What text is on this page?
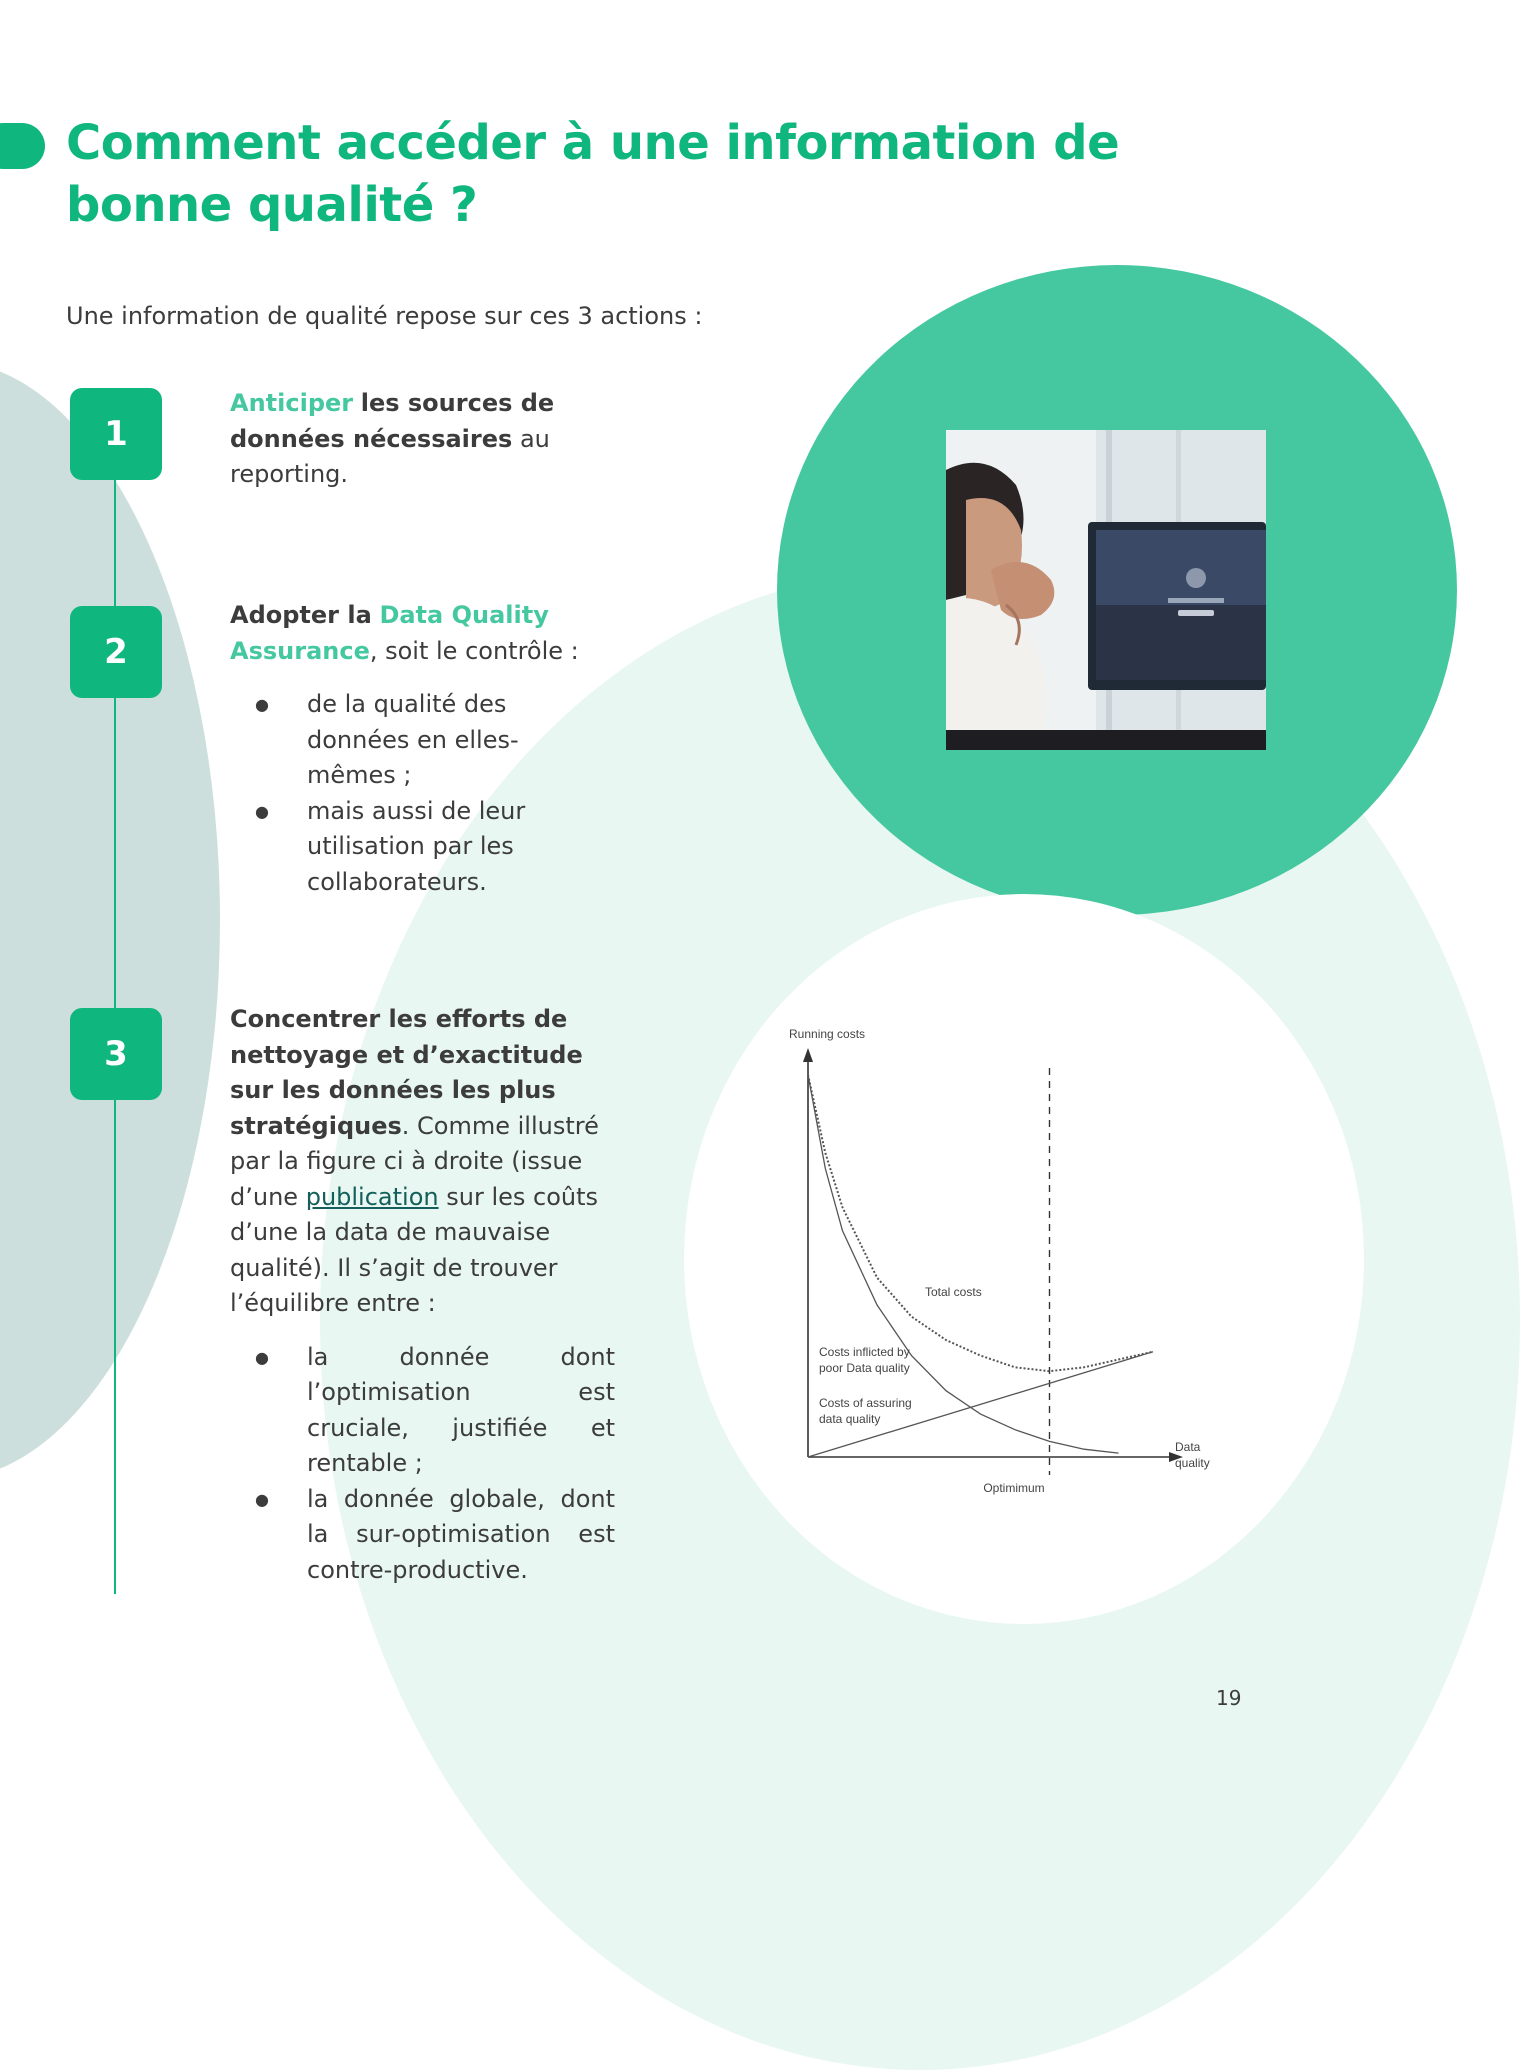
Comment accéder à une information de bonne qualité ?
Une information de qualité repose sur ces 3 actions :
1
2
3
Anticiper les sources de données nécessaires au reporting.
Adopter la Data Quality Assurance, soit le contrôle :
● de la qualité des données en elles-mêmes ;
● mais aussi de leur utilisation par les collaborateurs.
Concentrer les efforts de nettoyage et d’exactitude sur les données les plus stratégiques. Comme illustré par la figure ci à droite (issue d’une publication sur les coûts d’une la data de mauvaise qualité). Il s’agit de trouver l’équilibre entre :
● la donnée dont l’optimisation est cruciale, justifiée et rentable ;
● la donnée globale, dont la sur-optimisation est contre-productive.
Running costs
Data
quality
Optimimum
Total costs
Costs inflicted by
poor Data quality
Costs of assuring
data quality
19
